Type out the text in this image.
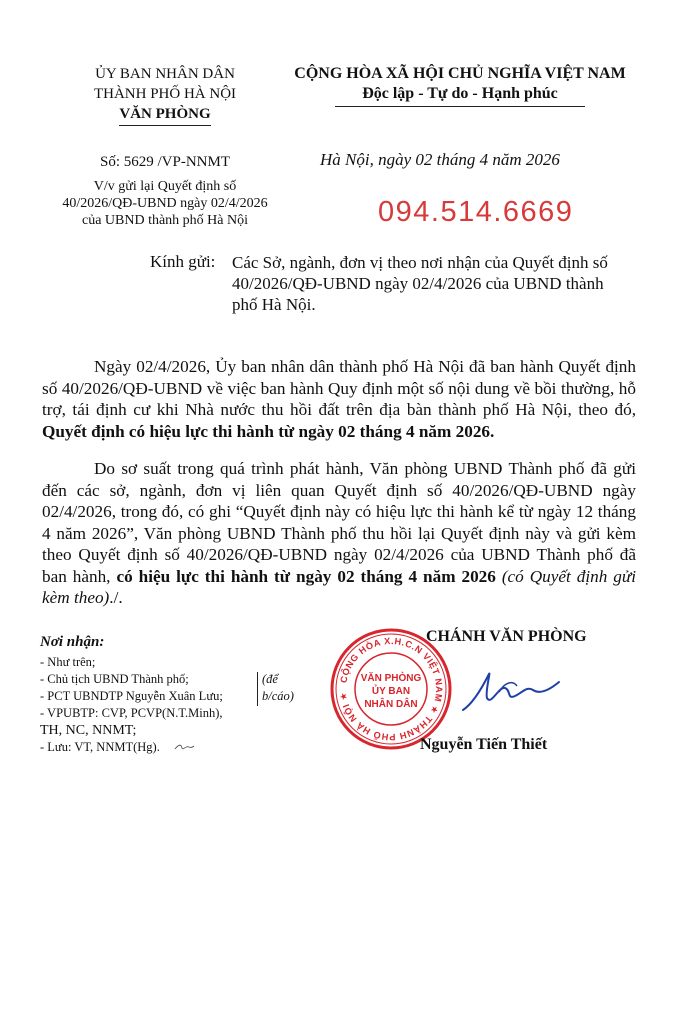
ỦY BAN NHÂN DÂN
THÀNH PHỐ HÀ NỘI
VĂN PHÒNG
CỘNG HÒA XÃ HỘI CHỦ NGHĨA VIỆT NAM
Độc lập - Tự do - Hạnh phúc
Số: 5629 /VP-NNMT
V/v gửi lại Quyết định số
40/2026/QĐ-UBND ngày 02/4/2026
của UBND thành phố Hà Nội
Hà Nội, ngày 02 tháng 4 năm 2026
094.514.6669
Kính gửi: Các Sở, ngành, đơn vị theo nơi nhận của Quyết định số 40/2026/QĐ-UBND ngày 02/4/2026 của UBND thành phố Hà Nội.
Ngày 02/4/2026, Ủy ban nhân dân thành phố Hà Nội đã ban hành Quyết định số 40/2026/QĐ-UBND về việc ban hành Quy định một số nội dung về bồi thường, hỗ trợ, tái định cư khi Nhà nước thu hồi đất trên địa bàn thành phố Hà Nội, theo đó, Quyết định có hiệu lực thi hành từ ngày 02 tháng 4 năm 2026.
Do sơ suất trong quá trình phát hành, Văn phòng UBND Thành phố đã gửi đến các sở, ngành, đơn vị liên quan Quyết định số 40/2026/QĐ-UBND ngày 02/4/2026, trong đó, có ghi “Quyết định này có hiệu lực thi hành kể từ ngày 12 tháng 4 năm 2026”, Văn phòng UBND Thành phố thu hồi lại Quyết định này và gửi kèm theo Quyết định số 40/2026/QĐ-UBND ngày 02/4/2026 của UBND Thành phố đã ban hành, có hiệu lực thi hành từ ngày 02 tháng 4 năm 2026 (có Quyết định gửi kèm theo)./.
Nơi nhận:
- Như trên;
- Chủ tịch UBND Thành phố;
- PCT UBNDTP Nguyễn Xuân Lưu;
- VPUBTP: CVP, PCVP(N.T.Minh),
TH, NC, NNMT;
- Lưu: VT, NNMT(Hg).
(để
b/cáo)
CHÁNH VĂN PHÒNG
CỘNG HÒA X.H.C.N VIỆT NAM ★ THÀNH PHỐ HÀ NỘI ★
VĂN PHÒNG
ỦY BAN
NHÂN DÂN
Nguyễn Tiến Thiết
